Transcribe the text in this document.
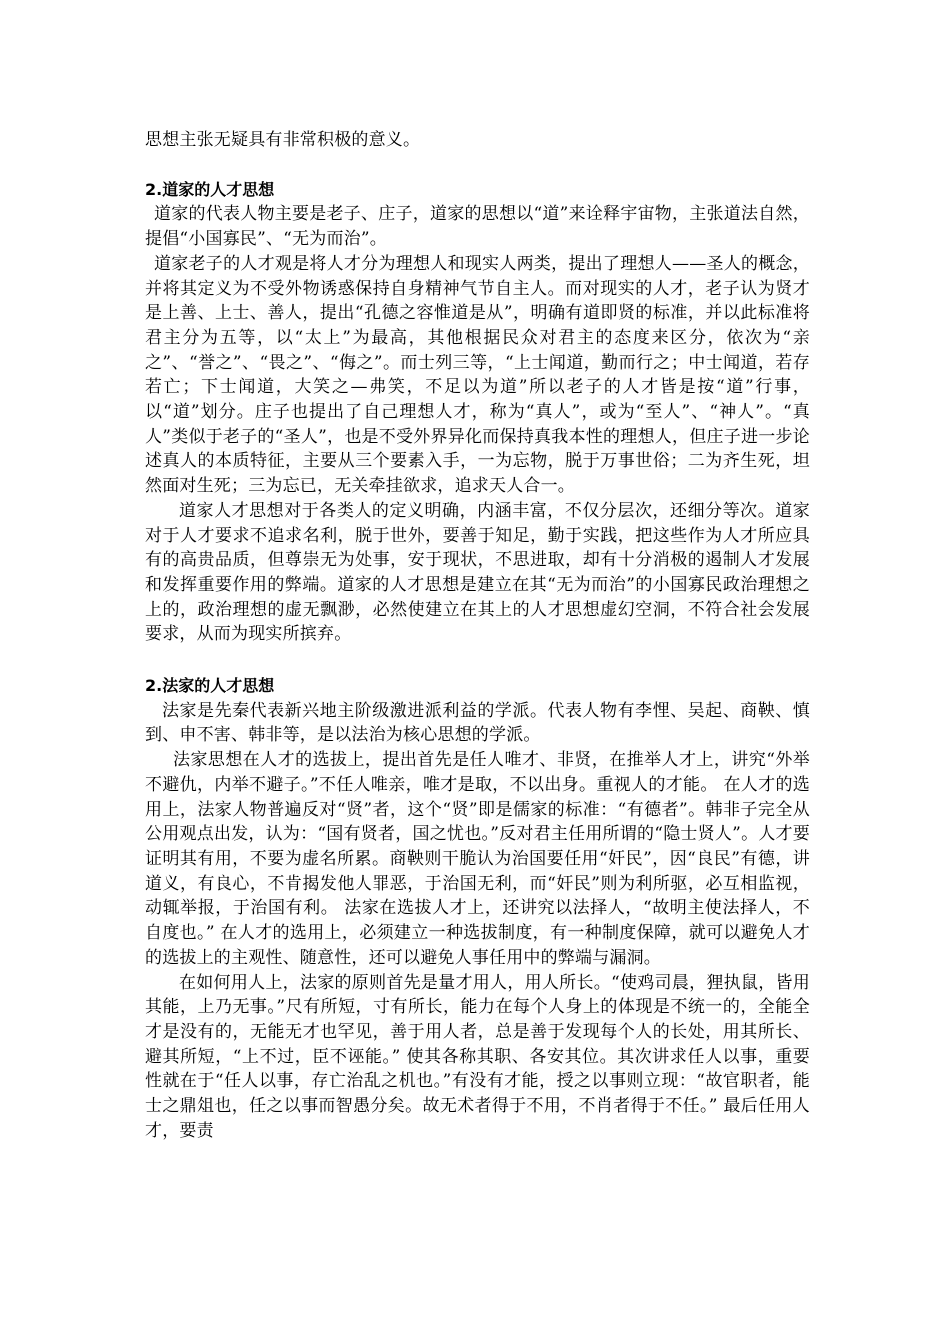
思想主张无疑具有非常积极的意义。

2.道家的人才思想

道家的代表人物主要是老子、庄子，道家的思想以“道”来诠释宇宙物，主张道法自然，提倡“小国寡民”、“无为而治”。

道家老子的人才观是将人才分为理想人和现实人两类，提出了理想人——圣人的概念，并将其定义为不受外物诱惑保持自身精神气节自主人。而对现实的人才，老子认为贤才是上善、上士、善人，提出“孔德之容惟道是从”，明确有道即贤的标准，并以此标准将君主分为五等，以“太上”为最高，其他根据民众对君主的态度来区分，依次为“亲之”、“誉之”、“畏之”、“侮之”。而士列三等，“上士闻道，勤而行之；中士闻道，若存若亡；下士闻道，大笑之—弗笑，不足以为道”所以老子的人才皆是按“道”行事，以“道”划分。庄子也提出了自己理想人才，称为“真人”，或为“至人”、“神人”。“真人”类似于老子的“圣人”，也是不受外界异化而保持真我本性的理想人，但庄子进一步论述真人的本质特征，主要从三个要素入手，一为忘物，脱于万事世俗；二为齐生死，坦然面对生死；三为忘已，无关牵挂欲求，追求天人合一。

道家人才思想对于各类人的定义明确，内涵丰富，不仅分层次，还细分等次。道家对于人才要求不追求名利，脱于世外，要善于知足，勤于实践，把这些作为人才所应具有的高贵品质，但尊崇无为处事，安于现状，不思进取，却有十分消极的遏制人才发展和发挥重要作用的弊端。道家的人才思想是建立在其“无为而治”的小国寡民政治理想之上的，政治理想的虚无飘渺，必然使建立在其上的人才思想虚幻空洞，不符合社会发展要求，从而为现实所摈弃。

2.法家的人才思想

法家是先秦代表新兴地主阶级激进派利益的学派。代表人物有李悝、吴起、商鞅、慎到、申不害、韩非等，是以法治为核心思想的学派。

法家思想在人才的选拔上，提出首先是任人唯才、非贤，在推举人才上，讲究“外举不避仇，内举不避子。”不任人唯亲，唯才是取，不以出身。重视人的才能。 在人才的选用上，法家人物普遍反对“贤”者，这个“贤”即是儒家的标准：“有德者”。韩非子完全从公用观点出发，认为：“国有贤者，国之忧也。”反对君主任用所谓的“隐士贤人”。人才要证明其有用，不要为虚名所累。商鞅则干脆认为治国要任用“奸民”，因“良民”有德，讲道义，有良心，不肯揭发他人罪恶，于治国无利，而“奸民”则为利所驱，必互相监视，动辄举报，于治国有利。 法家在选拔人才上，还讲究以法择人，“故明主使法择人，不自度也。” 在人才的选用上，必须建立一种选拔制度，有一种制度保障，就可以避免人才的选拔上的主观性、随意性，还可以避免人事任用中的弊端与漏洞。

在如何用人上，法家的原则首先是量才用人，用人所长。“使鸡司晨，狸执鼠，皆用其能，上乃无事。”尺有所短，寸有所长，能力在每个人身上的体现是不统一的，全能全才是没有的，无能无才也罕见，善于用人者，总是善于发现每个人的长处，用其所长、避其所短，“上不过，臣不诬能。” 使其各称其职、各安其位。其次讲求任人以事，重要性就在于“任人以事，存亡治乱之机也。”有没有才能，授之以事则立现：“故官职者，能士之鼎俎也，任之以事而智愚分矣。故无术者得于不用，不肖者得于不任。” 最后任用人才，要责
